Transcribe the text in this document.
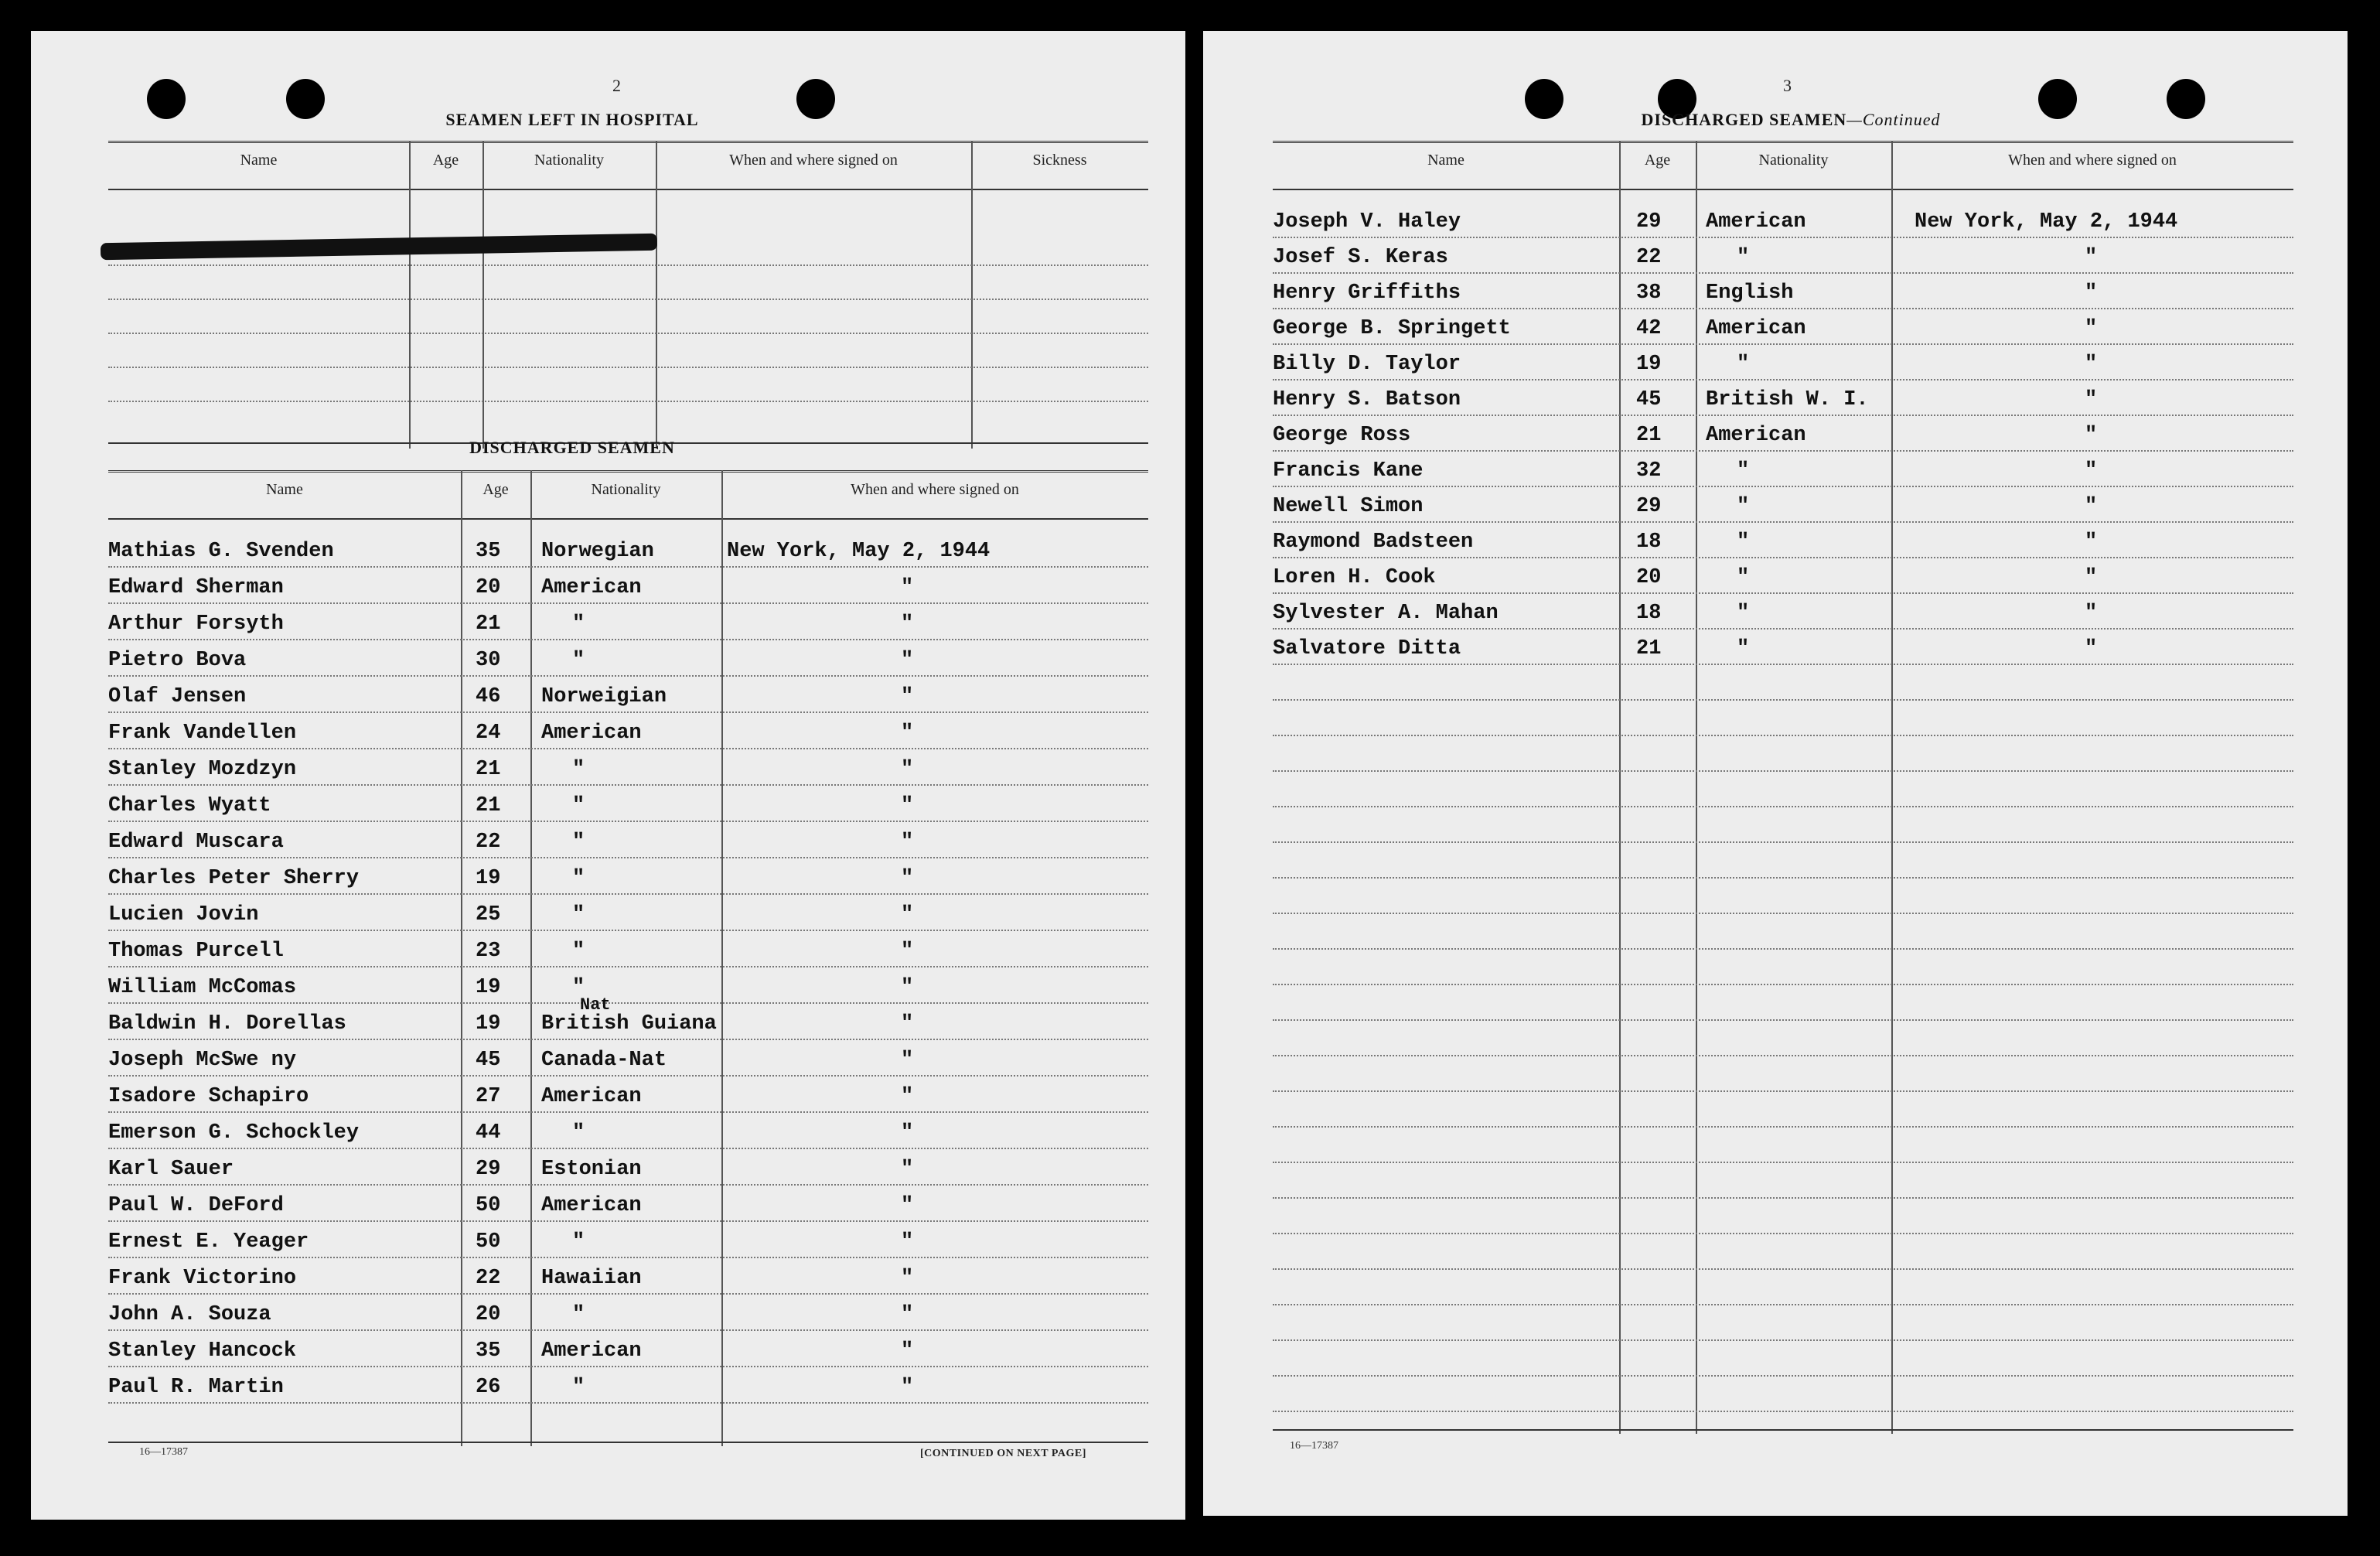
2
SEAMEN LEFT IN HOSPITAL
Name	Age	Nationality	When and where signed on	Sickness
DISCHARGED SEAMEN
Name	Age	Nationality	When and where signed on
Mathias G. Svenden	35 Norwegian	New York, May 2, 1944
Edward Sherman	20 American	"
Arthur Forsyth	21	"	"
Pietro Bova	30	"	"
Olaf Jensen	46 Norweigian	"
Frank Vandellen	24 American	"
Stanley Mozdzyn	21	"	"
Charles Wyatt	21	"	"
Edward Muscara	22	"	"
Charles Peter Sherry	19	"	"
Lucien Jovin	25	"	"
Thomas Purcell	23	"	"
William McComas	19	"	"
Baldwin H. Dorellas	19 British Guiana	"
Nat
Joseph McSwe ny	45 Canada-Nat	"
Isadore Schapiro	27 American	"
Emerson G. Schockley	44	"	"
Karl Sauer	29 Estonian	"
Paul W. DeFord	50 American	"
Ernest E. Yeager	50	"	"
Frank Victorino	22 Hawaiian	"
John A. Souza	20	"	"
Stanley Hancock	35 American	"
Paul R. Martin	26	"	"
16—17387	[CONTINUED ON NEXT PAGE]
3
DISCHARGED SEAMEN—Continued
Name	Age	Nationality	When and where signed on
Joseph V. Haley	29 American	New York, May 2, 1944
Josef S. Keras	22	"	"
Henry Griffiths	38 English	"
George B. Springett	42 American	"
Billy D. Taylor	19	"	"
Henry S. Batson	45 British W. I.	"
George Ross	21 American	"
Francis Kane	32	"	"
Newell Simon	29	"	"
Raymond Badsteen	18	"	"
Loren H. Cook	20	"	"
Sylvester A. Mahan	18	"	"
Salvatore Ditta	21	"	"
16—17387
